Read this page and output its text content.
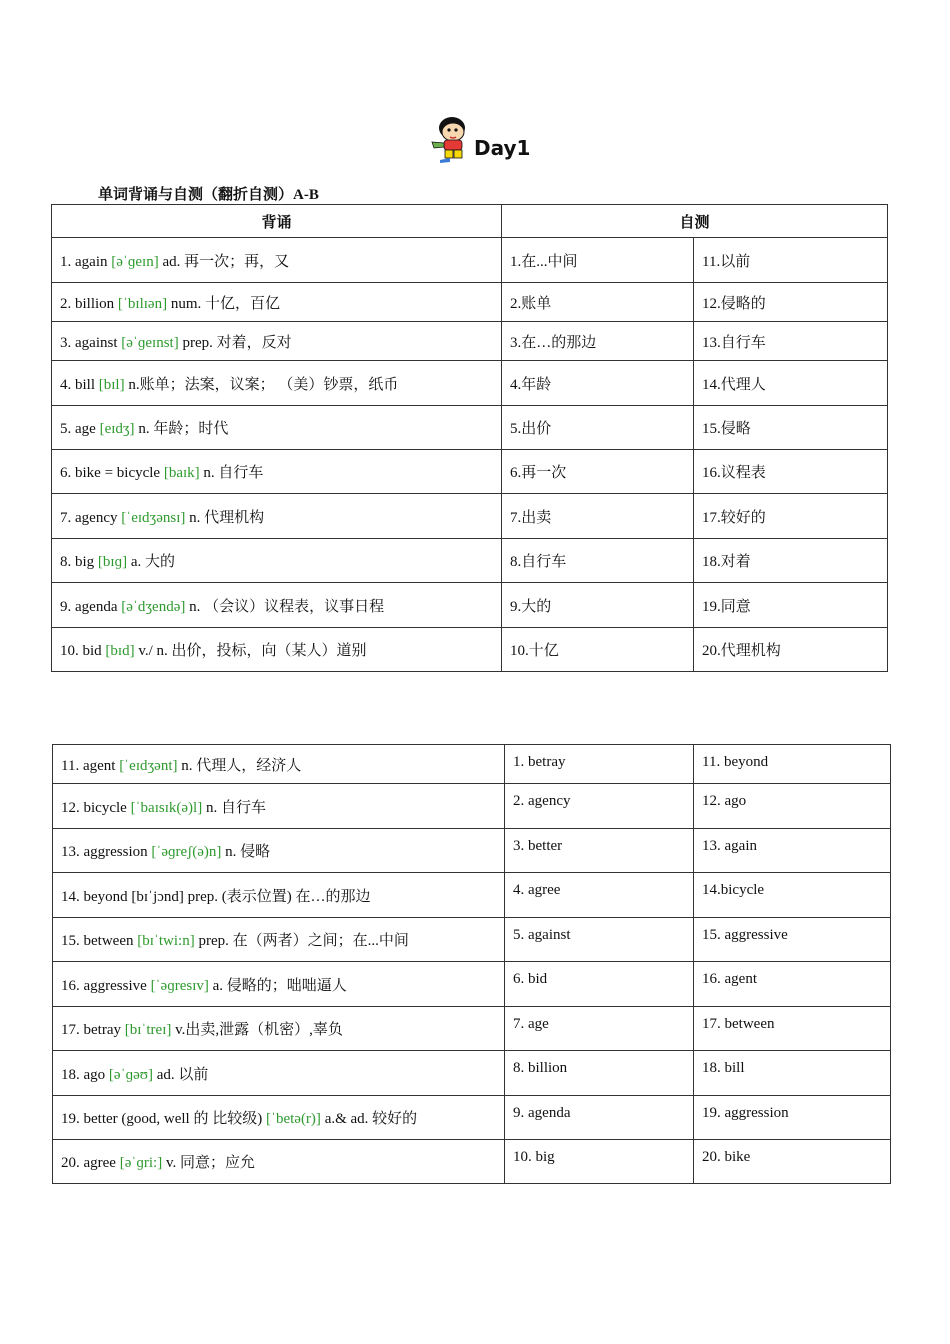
Day1
单词背诵与自测（翻折自测）A-B
背诵	自测	
1. again [əˈɡeɪn] ad. 再一次；再，又	1.在...中间	11.以前
2. billion [ˈbɪlɪən] num. 十亿，百亿	2.账单	12.侵略的
3. against [əˈɡeɪnst] prep. 对着，反对	3.在…的那边	13.自行车
4. bill [bɪl] n.账单；法案，议案； （美）钞票，纸币	4.年龄	14.代理人
5. age [eɪdʒ] n. 年龄；时代	5.出价	15.侵略
6. bike = bicycle [baɪk] n. 自行车	6.再一次	16.议程表
7. agency [ˈeɪdʒənsɪ] n. 代理机构	7.出卖	17.较好的
8. big [bɪɡ] a. 大的	8.自行车	18.对着
9. agenda [əˈdʒendə] n. （会议）议程表，议事日程	9.大的	19.同意
10. bid [bɪd] v./ n. 出价，投标，向（某人）道别	10.十亿	20.代理机构
11. agent [ˈeɪdʒənt] n. 代理人，经济人	1. betray	11. beyond
12. bicycle [ˈbaɪsɪk(ə)l] n. 自行车	2. agency	12. ago
13. aggression [ˈəɡreʃ(ə)n] n. 侵略	3. better	13. again
14. beyond [bɪˈjɔnd] prep. (表示位置) 在…的那边	4. agree	14.bicycle
15. between [bɪˈtwi:n] prep. 在（两者）之间；在...中间	5. against	15. aggressive
16. aggressive [ˈəɡresɪv] a. 侵略的；咄咄逼人	6. bid	16. agent
17. betray [bɪˈtreɪ] v.出卖,泄露（机密）,辜负	7. age	17. between
18. ago [əˈɡəʊ] ad. 以前	8. billion	18. bill
19. better (good, well 的 比较级) [ˈbetə(r)] a.& ad. 较好的	9. agenda	19. aggression
20. agree [əˈɡri:] v. 同意；应允	10. big	20. bike
